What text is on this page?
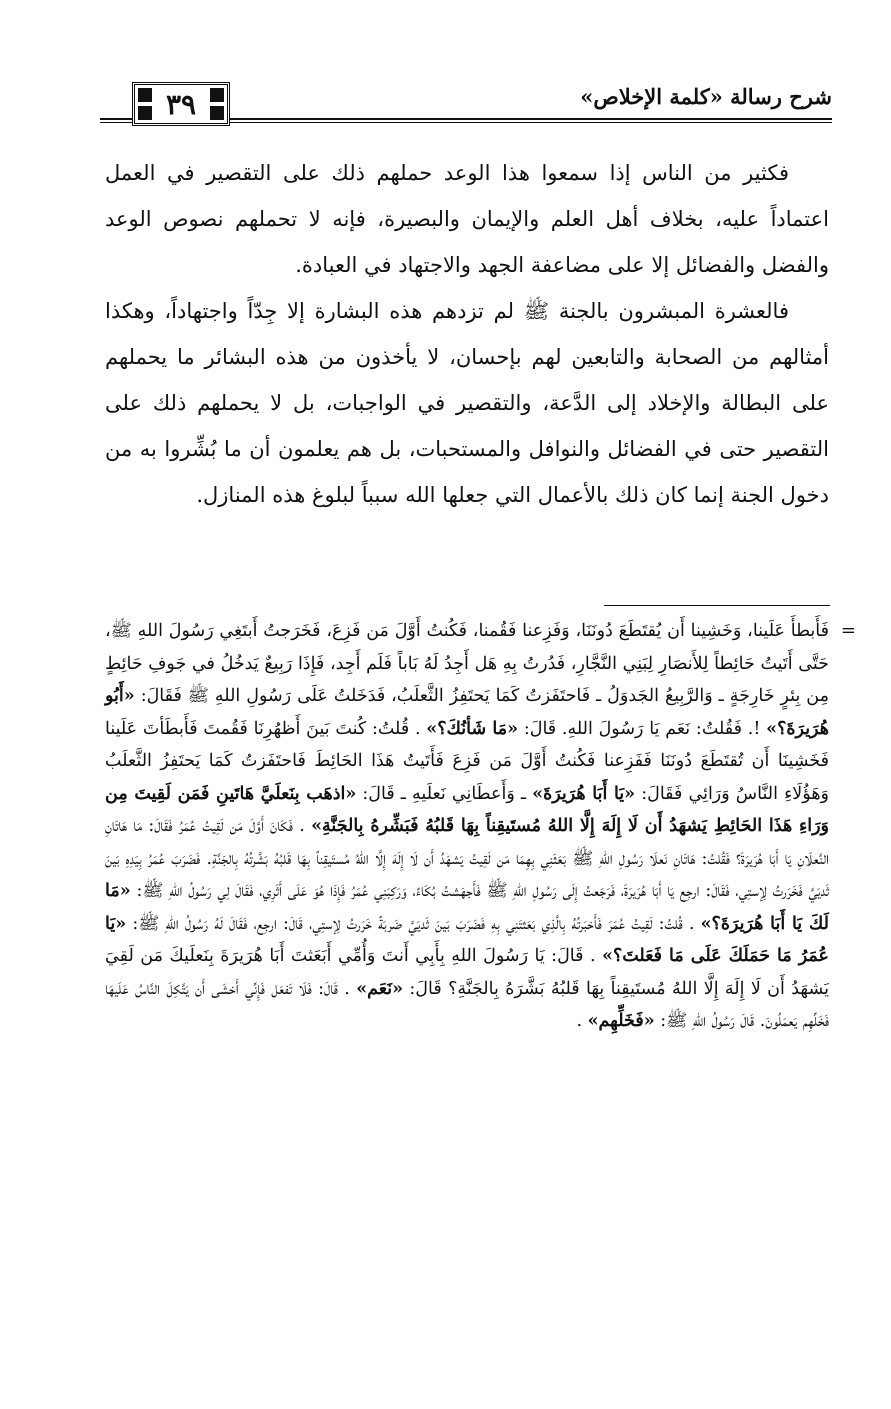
شرح رسالة «كلمة الإخلاص»
٣٩

فكثير من الناس إذا سمعوا هذا الوعد حملهم ذلك على التقصير في العمل اعتماداً عليه، بخلاف أهل العلم والإيمان والبصيرة، فإنه لا تحملهم نصوص الوعد والفضل والفضائل إلا على مضاعفة الجهد والاجتهاد في العبادة.

فالعشرة المبشرون بالجنة ﷺ لم تزدهم هذه البشارة إلا جِدّاً واجتهاداً، وهكذا أمثالهم من الصحابة والتابعين لهم بإحسان، لا يأخذون من هذه البشائر ما يحملهم على البطالة والإخلاد إلى الدَّعة، والتقصير في الواجبات، بل لا يحملهم ذلك على التقصير حتى في الفضائل والنوافل والمستحبات، بل هم يعلمون أن ما بُشِّروا به من دخول الجنة إنما كان ذلك بالأعمال التي جعلها الله سبباً لبلوغ هذه المنازل.

=
فَأَبطأَ عَلَينا، وَخَشِينا أَن يُقتَطَعَ دُونَنَا، وَفَزِعنا فَقُمنا، فَكُنتُ أَوَّلَ مَن فَزِعَ، فَخَرَجتُ أَبتَغِي رَسُولَ اللهِ ﷺ، حَتَّى أَتَيتُ حَائِطاً لِلأَنصَارِ لِبَنِي النَّجَّارِ، فَدُرتُ بِهِ هَل أَجِدُ لَهُ بَاباً فَلَم أَجِد، فَإِذَا رَبِيعٌ يَدخُلُ في جَوفِ حَائِطٍ مِن بِئرٍ خَارِجَةٍ ـ وَالرَّبِيعُ الجَدوَلُ ـ فَاحتَفَزتُ كَمَا يَحتَفِزُ الثَّعلَبُ، فَدَخَلتُ عَلَى رَسُولِ اللهِ ﷺ فَقَالَ: «أَبُو هُرَيرَةَ؟» !. فَقُلتُ: نَعَم يَا رَسُولَ اللهِ. قَالَ: «مَا شَأنُكَ؟» . قُلتُ: كُنتَ بَينَ أَظهُرِنَا فَقُمتَ فَأَبطَأتَ عَلَينا فَخَشِينَا أَن تُقتَطَعَ دُونَنَا فَفَزِعنا فَكُنتُ أَوَّلَ مَن فَزِعَ فَأَتَيتُ هَذَا الحَائِطَ فَاحتَفَزتُ كَمَا يَحتَفِزُ الثَّعلَبُ وَهَؤُلَاءِ النَّاسُ وَرَائِي فَقَالَ: «يَا أَبَا هُرَيرَةَ» ـ وَأَعطَانِي نَعلَيهِ ـ قَالَ: «اذهَب بِنَعلَيَّ هَاتَينِ فَمَن لَقِيتَ مِن وَرَاءِ هَذَا الحَائِطِ يَشهَدُ أَن لَا إِلَهَ إِلَّا اللهُ مُستَيقِناً بِهَا قَلبُهُ فَبَشِّرهُ بِالجَنَّةِ» . فَكَانَ أَوَّلَ مَن لَقِيتُ عُمَرُ فَقَالَ: مَا هَاتَانِ النَّعلَانِ يَا أَبَا هُرَيرَةَ؟ فَقُلتُ: هَاتَانِ نَعلَا رَسُولِ اللهِ ﷺ بَعَثَنِي بِهِمَا مَن لَقِيتُ يَشهَدُ أَن لَا إِلَهَ إِلَّا اللهُ مُستَيقِناً بِهَا قَلبُهُ بَشَّرتُهُ بِالجَنَّةِ. فَضَرَبَ عُمَرُ بِيَدِهِ بَينَ ثَديَيَّ فَخَرَرتُ لِإستِي، فَقَالَ: ارجِع يَا أَبَا هُرَيرَةَ، فَرَجَعتُ إِلَى رَسُولِ اللهِ ﷺ فَأَجهَشتُ بُكَاءً، وَرَكِبَنِي عُمَرُ فَإِذَا هُوَ عَلَى أَثَرِي، فَقَالَ لِي رَسُولُ اللهِ ﷺ: «مَا لَكَ يَا أَبَا هُرَيرَةَ؟» . قُلتُ: لَقِيتُ عُمَرَ فَأَخبَرتُهُ بِالَّذِي بَعَثتَنِي بِهِ فَضَرَبَ بَينَ ثَديَيَّ ضَربَةً خَرَرتُ لِإستِي، قَالَ: ارجِع، فَقَالَ لَهُ رَسُولُ اللهِ ﷺ: «يَا عُمَرُ مَا حَمَلَكَ عَلَى مَا فَعَلتَ؟» . قَالَ: يَا رَسُولَ اللهِ بِأَبِي أَنتَ وَأُمِّي أَبَعَثتَ أَبَا هُرَيرَةَ بِنَعلَيكَ مَن لَقِيَ يَشهَدُ أَن لَا إِلَهَ إِلَّا اللهُ مُستَيقِناً بِهَا قَلبُهُ بَشَّرَهُ بِالجَنَّةِ؟ قَالَ: «نَعَم» . قَالَ: فَلَا تَفعَل فَإِنِّي أَخشَى أَن يَتَّكِلَ النَّاسُ عَلَيهَا فَخَلِّهِم يَعمَلُونَ. قَالَ رَسُولُ اللهِ ﷺ: «فَخَلِّهِم» .
